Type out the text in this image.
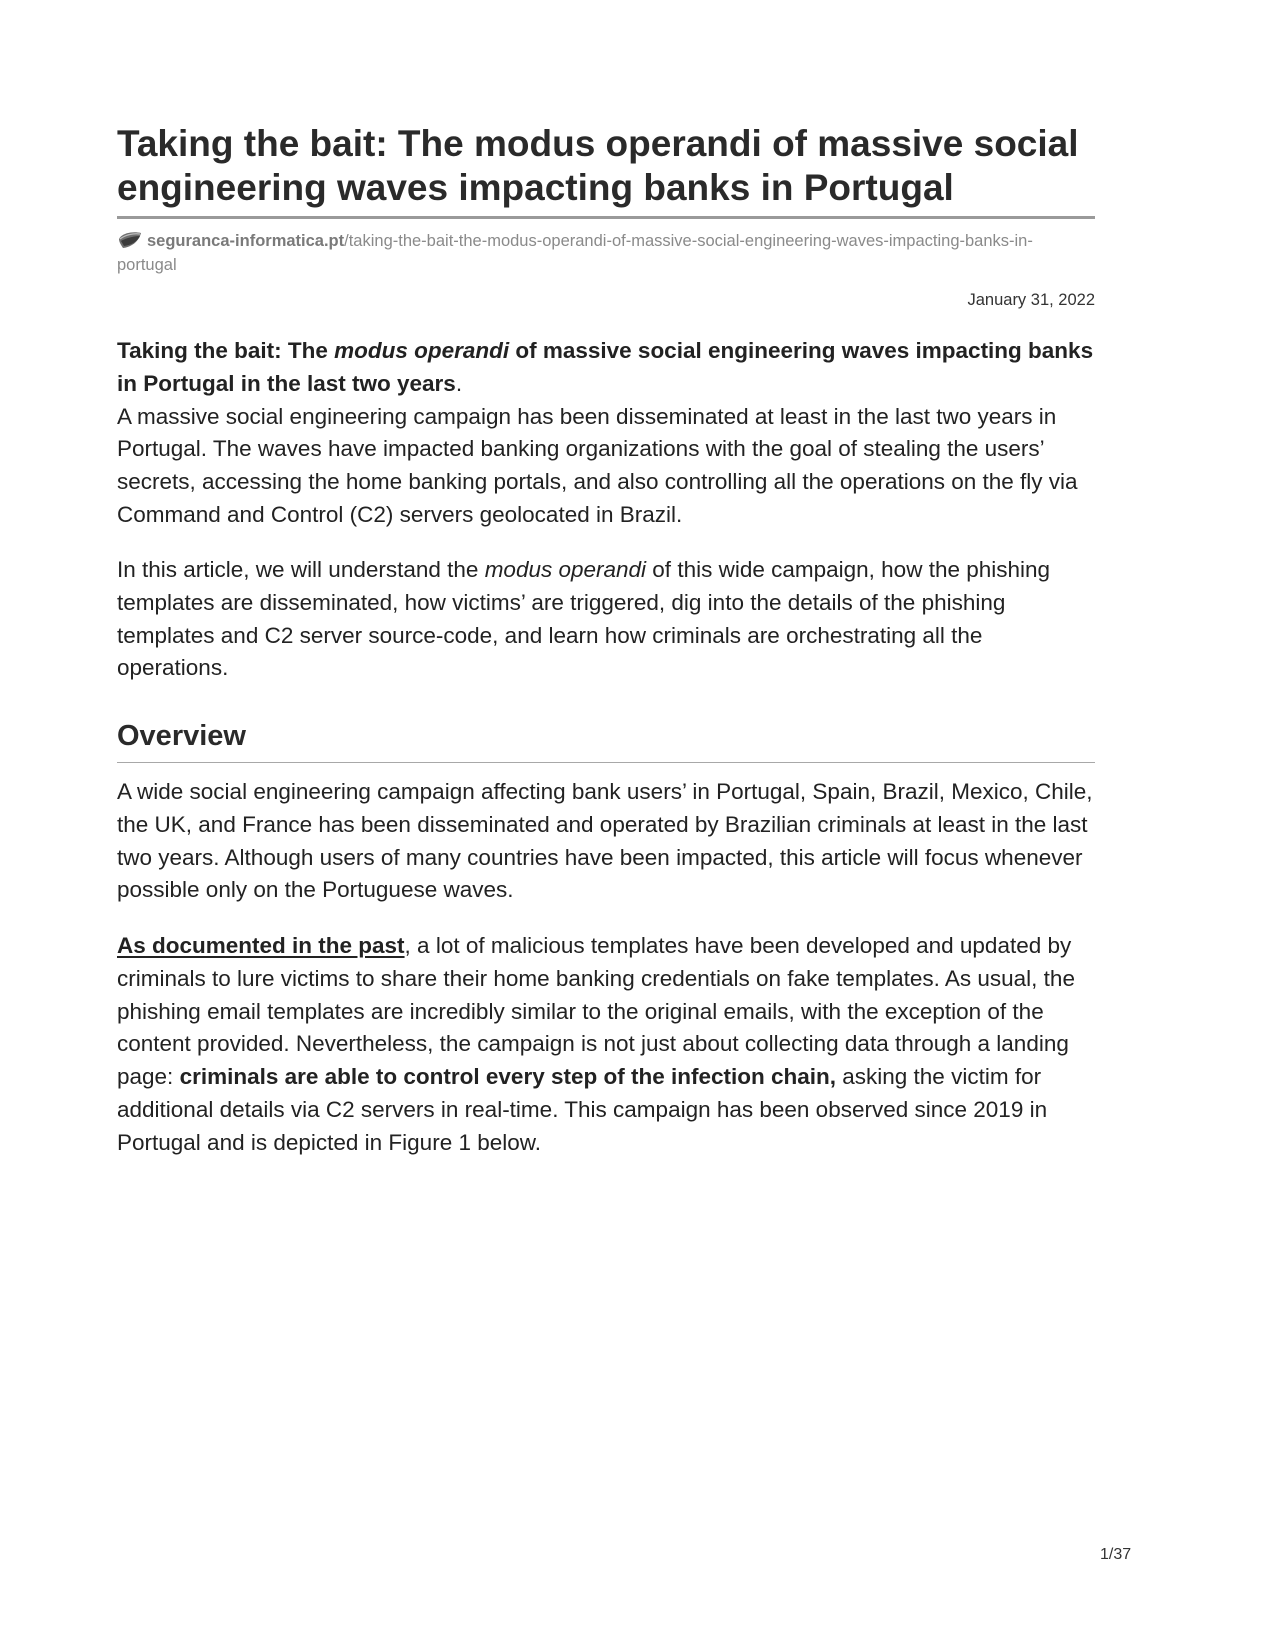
Taking the bait: The modus operandi of massive social engineering waves impacting banks in Portugal
seguranca-informatica.pt/taking-the-bait-the-modus-operandi-of-massive-social-engineering-waves-impacting-banks-in-portugal
January 31, 2022

Taking the bait: The modus operandi of massive social engineering waves impacting banks in Portugal in the last two years.
A massive social engineering campaign has been disseminated at least in the last two years in Portugal. The waves have impacted banking organizations with the goal of stealing the users’ secrets, accessing the home banking portals, and also controlling all the operations on the fly via Command and Control (C2) servers geolocated in Brazil.

In this article, we will understand the modus operandi of this wide campaign, how the phishing templates are disseminated, how victims’ are triggered, dig into the details of the phishing templates and C2 server source-code, and learn how criminals are orchestrating all the operations.

Overview

A wide social engineering campaign affecting bank users’ in Portugal, Spain, Brazil, Mexico, Chile, the UK, and France has been disseminated and operated by Brazilian criminals at least in the last two years. Although users of many countries have been impacted, this article will focus whenever possible only on the Portuguese waves.

As documented in the past, a lot of malicious templates have been developed and updated by criminals to lure victims to share their home banking credentials on fake templates. As usual, the phishing email templates are incredibly similar to the original emails, with the exception of the content provided. Nevertheless, the campaign is not just about collecting data through a landing page: criminals are able to control every step of the infection chain, asking the victim for additional details via C2 servers in real-time. This campaign has been observed since 2019 in Portugal and is depicted in Figure 1 below.

1/37
